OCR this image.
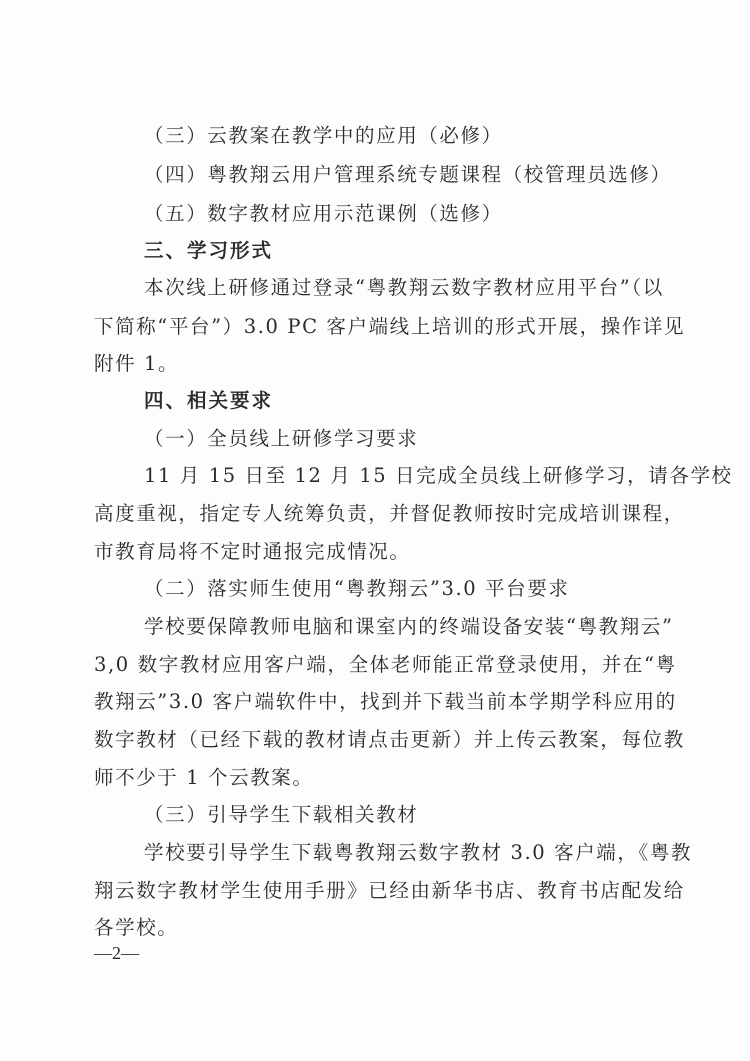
（三）云教案在教学中的应用（必修）
（四）粤教翔云用户管理系统专题课程（校管理员选修）
（五）数字教材应用示范课例（选修）
三、学习形式
本次线上研修通过登录“粤教翔云数字教材应用平台”（以
下简称“平台”）3.0 PC 客户端线上培训的形式开展，操作详见
附件 1。
四、相关要求
（一）全员线上研修学习要求
11 月 15 日至 12 月 15 日完成全员线上研修学习，请各学校
高度重视，指定专人统筹负责，并督促教师按时完成培训课程，
市教育局将不定时通报完成情况。
（二）落实师生使用“粤教翔云”3.0 平台要求
学校要保障教师电脑和课室内的终端设备安装“粤教翔云”
3,0 数字教材应用客户端，全体老师能正常登录使用，并在“粤
教翔云”3.0 客户端软件中，找到并下载当前本学期学科应用的
数字教材（已经下载的教材请点击更新）并上传云教案，每位教
师不少于 1 个云教案。
（三）引导学生下载相关教材
学校要引导学生下载粤教翔云数字教材 3.0 客户端，《粤教
翔云数字教材学生使用手册》已经由新华书店、教育书店配发给
各学校。
—2—
